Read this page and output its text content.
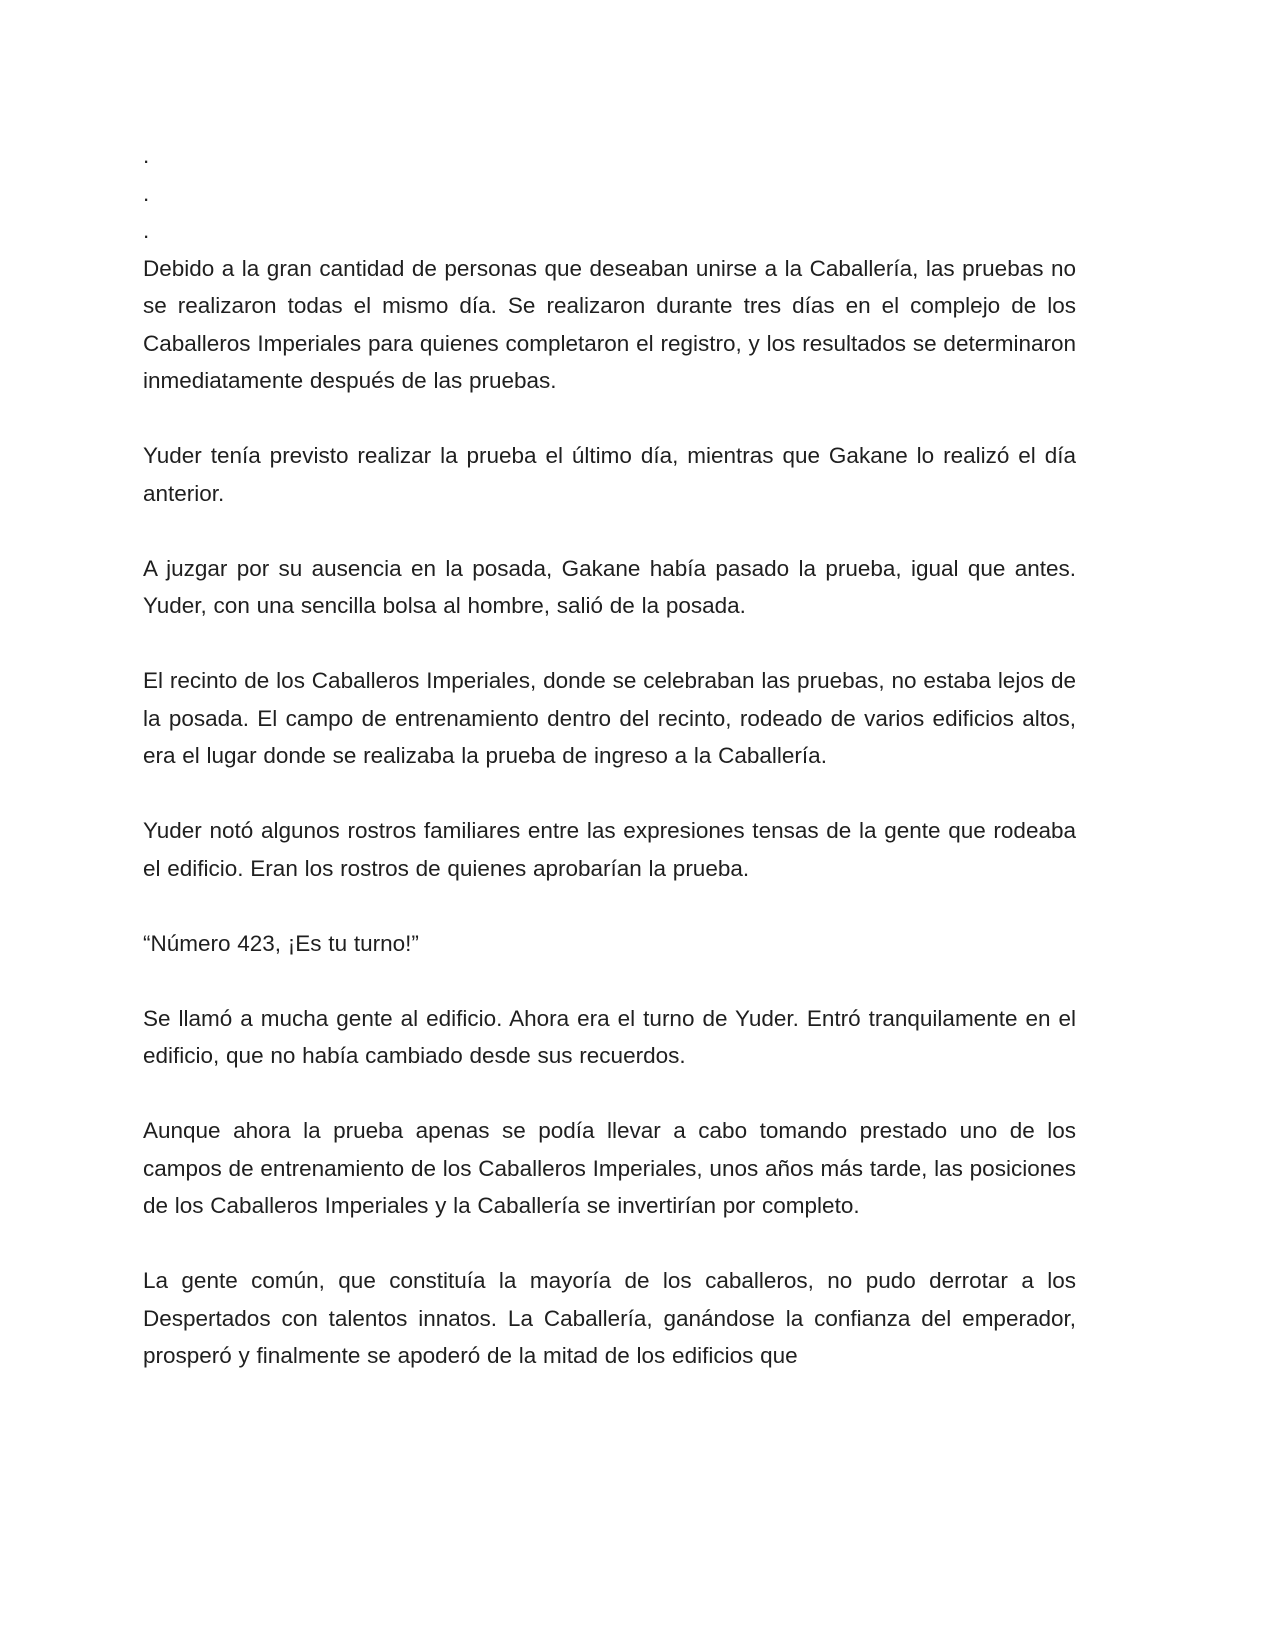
.
.
.

Debido a la gran cantidad de personas que deseaban unirse a la Caballería, las pruebas no se realizaron todas el mismo día. Se realizaron durante tres días en el complejo de los Caballeros Imperiales para quienes completaron el registro, y los resultados se determinaron inmediatamente después de las pruebas.

Yuder tenía previsto realizar la prueba el último día, mientras que Gakane lo realizó el día anterior.

A juzgar por su ausencia en la posada, Gakane había pasado la prueba, igual que antes. Yuder, con una sencilla bolsa al hombre, salió de la posada.

El recinto de los Caballeros Imperiales, donde se celebraban las pruebas, no estaba lejos de la posada. El campo de entrenamiento dentro del recinto, rodeado de varios edificios altos, era el lugar donde se realizaba la prueba de ingreso a la Caballería.

Yuder notó algunos rostros familiares entre las expresiones tensas de la gente que rodeaba el edificio. Eran los rostros de quienes aprobarían la prueba.

“Número 423, ¡Es tu turno!”

Se llamó a mucha gente al edificio. Ahora era el turno de Yuder. Entró tranquilamente en el edificio, que no había cambiado desde sus recuerdos.

Aunque ahora la prueba apenas se podía llevar a cabo tomando prestado uno de los campos de entrenamiento de los Caballeros Imperiales, unos años más tarde, las posiciones de los Caballeros Imperiales y la Caballería se invertirían por completo.

La gente común, que constituía la mayoría de los caballeros, no pudo derrotar a los Despertados con talentos innatos. La Caballería, ganándose la confianza del emperador, prosperó y finalmente se apoderó de la mitad de los edificios que
